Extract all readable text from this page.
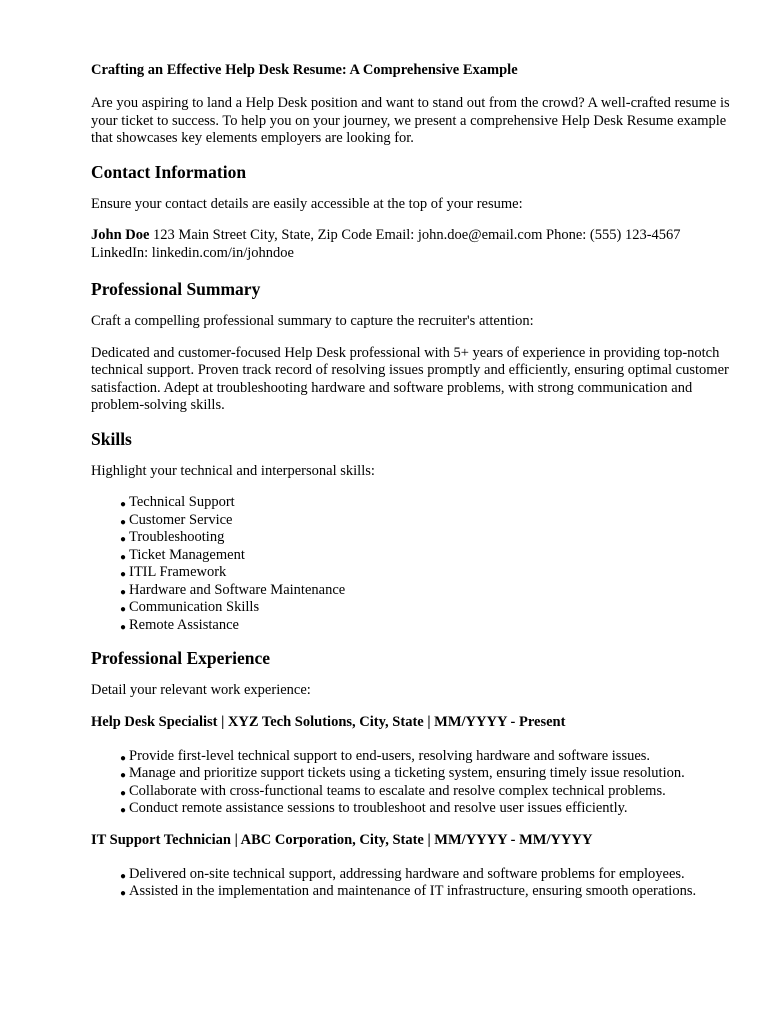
Crafting an Effective Help Desk Resume: A Comprehensive Example

Are you aspiring to land a Help Desk position and want to stand out from the crowd? A well-crafted resume is your ticket to success. To help you on your journey, we present a comprehensive Help Desk Resume example that showcases key elements employers are looking for.

Contact Information

Ensure your contact details are easily accessible at the top of your resume:

John Doe 123 Main Street City, State, Zip Code Email: john.doe@email.com Phone: (555) 123-4567 LinkedIn: linkedin.com/in/johndoe

Professional Summary

Craft a compelling professional summary to capture the recruiter's attention:

Dedicated and customer-focused Help Desk professional with 5+ years of experience in providing top-notch technical support. Proven track record of resolving issues promptly and efficiently, ensuring optimal customer satisfaction. Adept at troubleshooting hardware and software problems, with strong communication and problem-solving skills.

Skills

Highlight your technical and interpersonal skills:

● Technical Support
● Customer Service
● Troubleshooting
● Ticket Management
● ITIL Framework
● Hardware and Software Maintenance
● Communication Skills
● Remote Assistance
Professional Experience

Detail your relevant work experience:

Help Desk Specialist | XYZ Tech Solutions, City, State | MM/YYYY - Present
● Provide first-level technical support to end-users, resolving hardware and software issues.
● Manage and prioritize support tickets using a ticketing system, ensuring timely issue resolution.
● Collaborate with cross-functional teams to escalate and resolve complex technical problems.
● Conduct remote assistance sessions to troubleshoot and resolve user issues efficiently.
IT Support Technician | ABC Corporation, City, State | MM/YYYY - MM/YYYY
● Delivered on-site technical support, addressing hardware and software problems for employees.
● Assisted in the implementation and maintenance of IT infrastructure, ensuring smooth operations.
